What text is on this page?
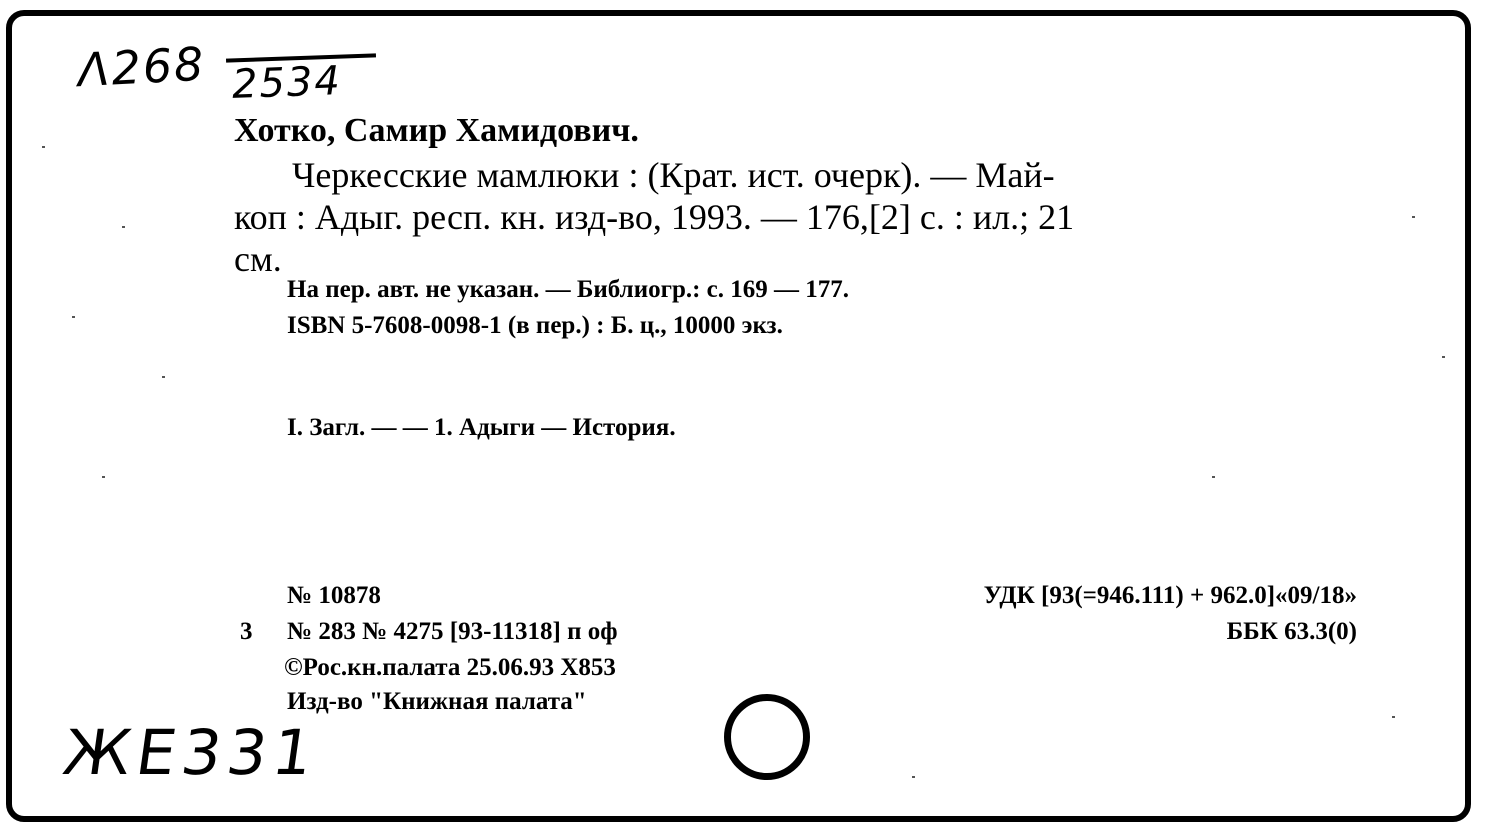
Λ268 2534
Хотко, Самир Хамидович.
Черкесские мамлюки : (Крат. ист. очерк). — Май-
коп : Адыг. респ. кн. изд-во, 1993. — 176,[2] с. : ил.; 21
см.
На пер. авт. не указан. — Библиогр.: с. 169 — 177.
ISBN 5-7608-0098-1 (в пер.) : Б. ц., 10000 экз.
I. Загл. — — 1. Адыги — История.
№ 10878
3 № 283 № 4275 [93-11318] п оф
©Рос.кн.палата 25.06.93 Х853
Изд-во "Книжная палата"
УДК [93(=946.111) + 962.0]«09/18»
ББК 63.3(0)
ЖЕ331
